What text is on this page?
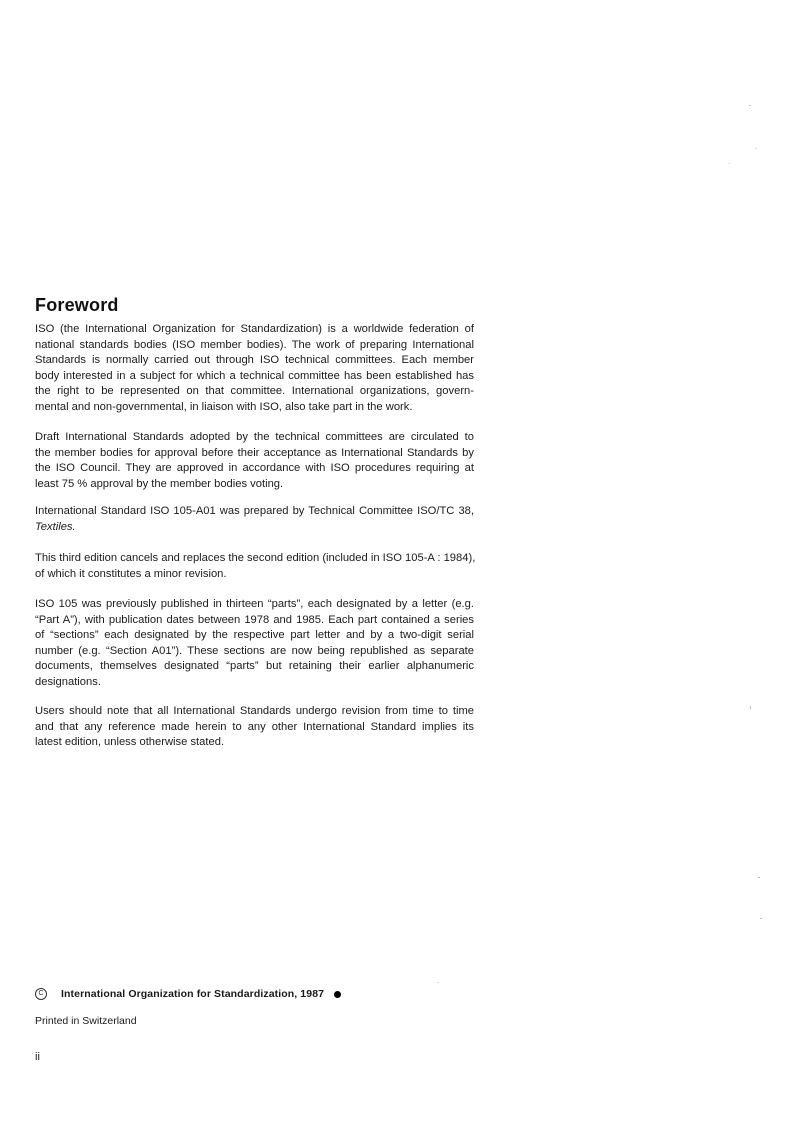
Foreword

ISO (the International Organization for Standardization) is a worldwide federation of
national standards bodies (ISO member bodies). The work of preparing International
Standards is normally carried out through ISO technical committees. Each member
body interested in a subject for which a technical committee has been established has
the right to be represented on that committee. International organizations, govern-
mental and non-governmental, in liaison with ISO, also take part in the work.

Draft International Standards adopted by the technical committees are circulated to
the member bodies for approval before their acceptance as International Standards by
the ISO Council. They are approved in accordance with ISO procedures requiring at
least 75 % approval by the member bodies voting.

International Standard ISO 105-A01 was prepared by Technical Committee ISO/TC 38,
Textiles.

This third edition cancels and replaces the second edition (included in ISO 105-A : 1984),
of which it constitutes a minor revision.

ISO 105 was previously published in thirteen “parts”, each designated by a letter (e.g.
“Part A”), with publication dates between 1978 and 1985. Each part contained a series
of “sections” each designated by the respective part letter and by a two-digit serial
number (e.g. “Section A01”). These sections are now being republished as separate
documents, themselves designated “parts” but retaining their earlier alphanumeric
designations.

Users should note that all International Standards undergo revision from time to time
and that any reference made herein to any other International Standard implies its
latest edition, unless otherwise stated.

C	International Organization for Standardization, 1987
Printed in Switzerland
ii
